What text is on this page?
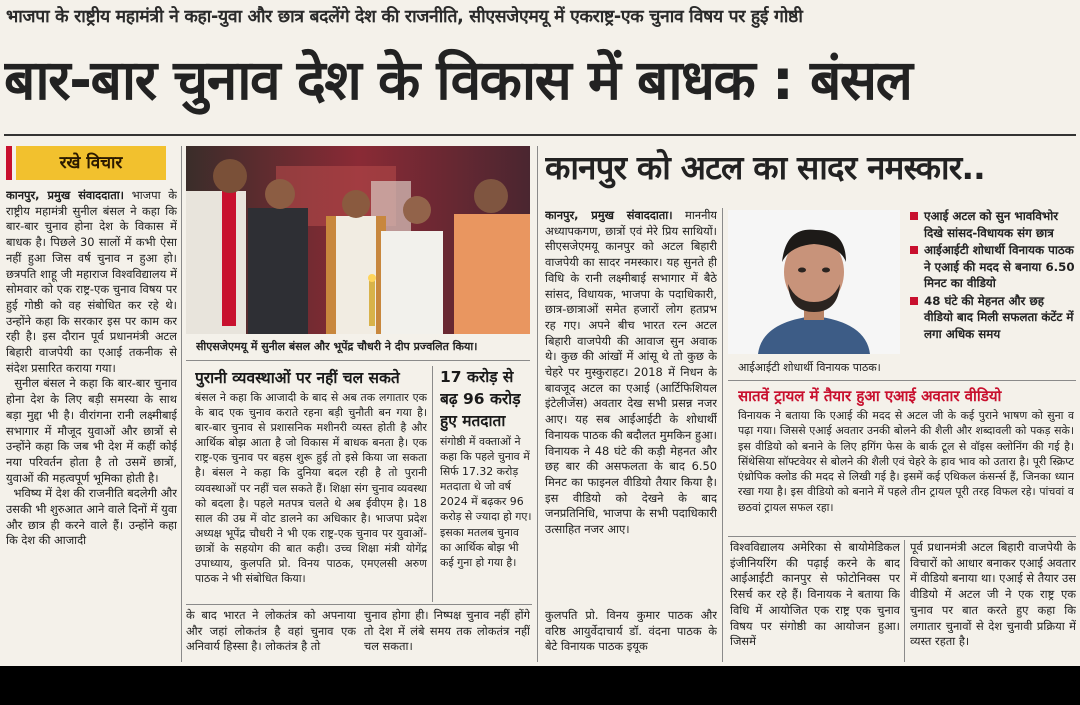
भाजपा के राष्ट्रीय महामंत्री ने कहा-युवा और छात्र बदलेंगे देश की राजनीति, सीएसजेएमयू में एकराष्ट्र-एक चुनाव विषय पर हुई गोष्ठी
बार-बार चुनाव देश के विकास में बाधक : बंसल
रखे विचार
कानपुर, प्रमुख संवाददाता। भाजपा के राष्ट्रीय महामंत्री सुनील बंसल ने कहा कि बार-बार चुनाव होना देश के विकास में बाधक है। पिछले 30 सालों में कभी ऐसा नहीं हुआ जिस वर्ष चुनाव न हुआ हो। छत्रपति शाहू जी महाराज विश्वविद्यालय में सोमवार को एक राष्ट्र-एक चुनाव विषय पर हुई गोष्ठी को वह संबोधित कर रहे थे। उन्होंने कहा कि सरकार इस पर काम कर रही है। इस दौरान पूर्व प्रधानमंत्री अटल बिहारी वाजपेयी का एआई तकनीक से संदेश प्रसारित कराया गया।
सुनील बंसल ने कहा कि बार-बार चुनाव होना देश के लिए बड़ी समस्या के साथ बड़ा मुद्दा भी है। वीरांगना रानी लक्ष्मीबाई सभागार में मौजूद युवाओं और छात्रों से उन्होंने कहा कि जब भी देश में कहीं कोई नया परिवर्तन होता है तो उसमें छात्रों, युवाओं की महत्वपूर्ण भूमिका होती है।
भविष्य में देश की राजनीति बदलेगी और उसकी भी शुरुआत आने वाले दिनों में युवा और छात्र ही करने वाले हैं। उन्होंने कहा कि देश की आजादी
सीएसजेएमयू में सुनील बंसल और भूपेंद्र चौधरी ने दीप प्रज्वलित किया।
पुरानी व्यवस्थाओं पर नहीं चल सकते
बंसल ने कहा कि आजादी के बाद से अब तक लगातार एक के बाद एक चुनाव कराते रहना बड़ी चुनौती बन गया है। बार-बार चुनाव से प्रशासनिक मशीनरी व्यस्त होती है और आर्थिक बोझ आता है जो विकास में बाधक बनता है। एक राष्ट्र-एक चुनाव पर बहस शुरू हुई तो इसे किया जा सकता है। बंसल ने कहा कि दुनिया बदल रही है तो पुरानी व्यवस्थाओं पर नहीं चल सकते हैं। शिक्षा संग चुनाव व्यवस्था को बदला है। पहले मतपत्र चलते थे अब ईवीएम है। 18 साल की उम्र में वोट डालने का अधिकार है। भाजपा प्रदेश अध्यक्ष भूपेंद्र चौधरी ने भी एक राष्ट्र-एक चुनाव पर युवाओं-छात्रों के सहयोग की बात कही। उच्च शिक्षा मंत्री योगेंद्र उपाध्याय, कुलपति प्रो. विनय पाठक, एमएलसी अरुण पाठक ने भी संबोधित किया।
17 करोड़ से बढ़ 96 करोड़ हुए मतदाता
संगोष्ठी में वक्ताओं ने कहा कि पहले चुनाव में सिर्फ 17.32 करोड़ मतदाता थे जो वर्ष 2024 में बढ़कर 96 करोड़ से ज्यादा हो गए। इसका मतलब चुनाव का आर्थिक बोझ भी कई गुना हो गया है।
के बाद भारत ने लोकतंत्र को अपनाया और जहां लोकतंत्र है वहां चुनाव एक अनिवार्य हिस्सा है। लोकतंत्र है तो
चुनाव होगा ही। निष्पक्ष चुनाव नहीं होंगे तो देश में लंबे समय तक लोकतंत्र नहीं चल सकता।
कानपुर को अटल का सादर नमस्कार..
कानपुर, प्रमुख संवाददाता। माननीय अध्यापकगण, छात्रों एवं मेरे प्रिय साथियों। सीएसजेएमयू कानपुर को अटल बिहारी वाजपेयी का सादर नमस्कार। यह सुनते ही विधि के रानी लक्ष्मीबाई सभागार में बैठे सांसद, विधायक, भाजपा के पदाधिकारी, छात्र-छात्राओं समेत हजारों लोग हतप्रभ रह गए। अपने बीच भारत रत्न अटल बिहारी वाजपेयी की आवाज सुन अवाक थे। कुछ की आंखों में आंसू थे तो कुछ के चेहरे पर मुस्कुराहट। 2018 में निधन के बावजूद अटल का एआई (आर्टिफिशियल इंटेलीजेंस) अवतार देख सभी प्रसन्न नजर आए। यह सब आईआईटी के शोधार्थी विनायक पाठक की बदौलत मुमकिन हुआ। विनायक ने 48 घंटे की कड़ी मेहनत और छह बार की असफलता के बाद 6.50 मिनट का फाइनल वीडियो तैयार किया है। इस वीडियो को देखने के बाद जनप्रतिनिधि, भाजपा के सभी पदाधिकारी उत्साहित नजर आए।
कुलपति प्रो. विनय कुमार पाठक और वरिष्ठ आयुर्वेदाचार्य डॉ. वंदना पाठक के बेटे विनायक पाठक इयूक
आईआईटी शोधार्थी विनायक पाठक।
एआई अटल को सुन भावविभोर दिखे सांसद-विधायक संग छात्र
आईआईटी शोधार्थी विनायक पाठक ने एआई की मदद से बनाया 6.50 मिनट का वीडियो
48 घंटे की मेहनत और छह वीडियो बाद मिली सफलता कंटेंट में लगा अधिक समय
सातवें ट्रायल में तैयार हुआ एआई अवतार वीडियो
विनायक ने बताया कि एआई की मदद से अटल जी के कई पुराने भाषण को सुना व पढ़ा गया। जिससे एआई अवतार उनकी बोलने की शैली और शब्दावली को पकड़ सके। इस वीडियो को बनाने के लिए हगिंग फेस के बार्क टूल से वॉइस क्लोनिंग की गई है। सिंथेसिया सॉफ्टवेयर से बोलने की शैली एवं चेहरे के हाव भाव को उतारा है। पूरी स्क्रिप्ट एंथ्रोपिक क्लोड की मदद से लिखी गई है। इसमें कई एथिकल कंसर्न्स हैं, जिनका ध्यान रखा गया है। इस वीडियो को बनाने में पहले तीन ट्रायल पूरी तरह विफल रहे। पांचवां व छठवां ट्रायल सफल रहा।
विश्वविद्यालय अमेरिका से बायोमेडिकल इंजीनियरिंग की पढ़ाई करने के बाद आईआईटी कानपुर से फोटोनिक्स पर रिसर्च कर रहे हैं। विनायक ने बताया कि विधि में आयोजित एक राष्ट्र एक चुनाव विषय पर संगोष्ठी का आयोजन हुआ। जिसमें
पूर्व प्रधानमंत्री अटल बिहारी वाजपेयी के विचारों को आधार बनाकर एआई अवतार में वीडियो बनाया था। एआई से तैयार उस वीडियो में अटल जी ने एक राष्ट्र एक चुनाव पर बात करते हुए कहा कि लगातार चुनावों से देश चुनावी प्रक्रिया में व्यस्त रहता है।
